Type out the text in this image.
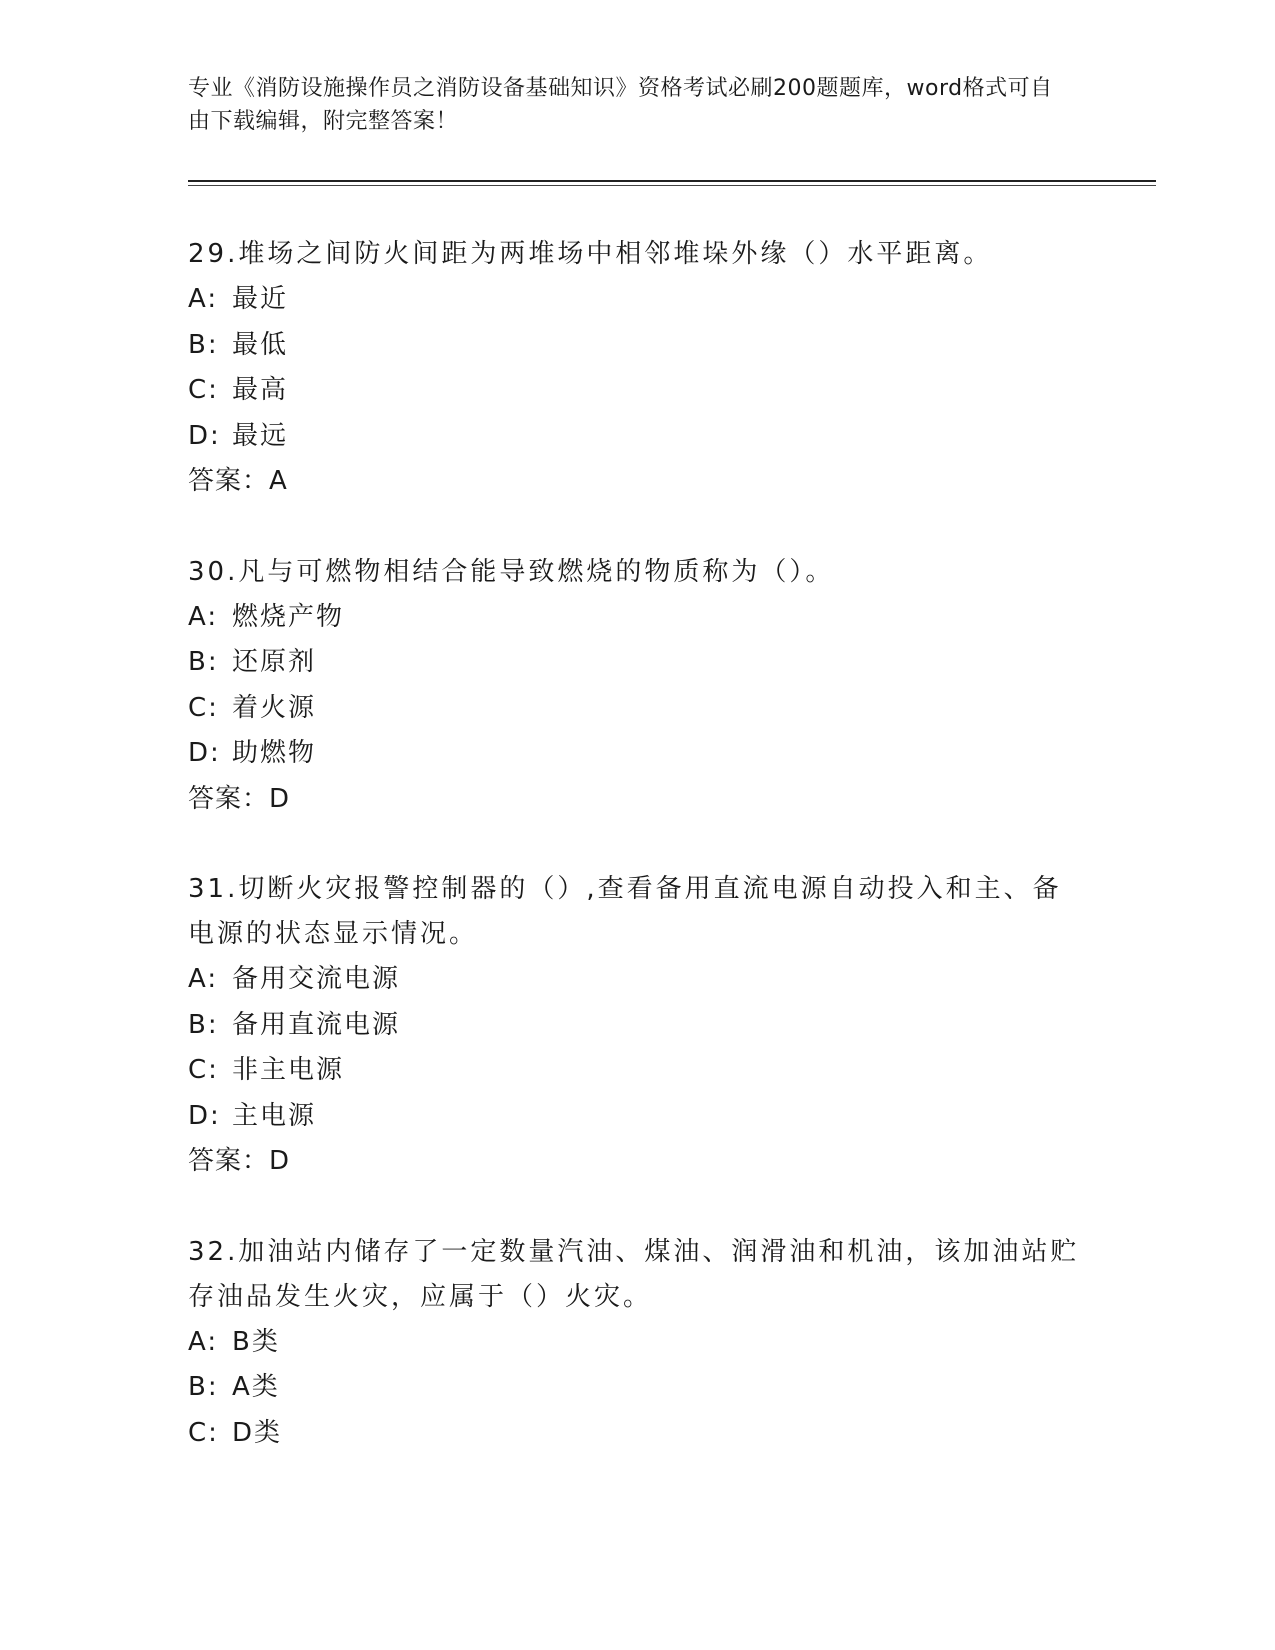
专业《消防设施操作员之消防设备基础知识》资格考试必刷200题题库，word格式可自由下载编辑，附完整答案！
29.堆场之间防火间距为两堆场中相邻堆垛外缘（）水平距离。
A: 最近
B: 最低
C: 最高
D: 最远
答案：A
30.凡与可燃物相结合能导致燃烧的物质称为（）。
A: 燃烧产物
B: 还原剂
C: 着火源
D: 助燃物
答案：D
31.切断火灾报警控制器的（）,查看备用直流电源自动投入和主、备电源的状态显示情况。
A: 备用交流电源
B: 备用直流电源
C: 非主电源
D: 主电源
答案：D
32.加油站内储存了一定数量汽油、煤油、润滑油和机油，该加油站贮存油品发生火灾，应属于（）火灾。
A: B类
B: A类
C: D类
